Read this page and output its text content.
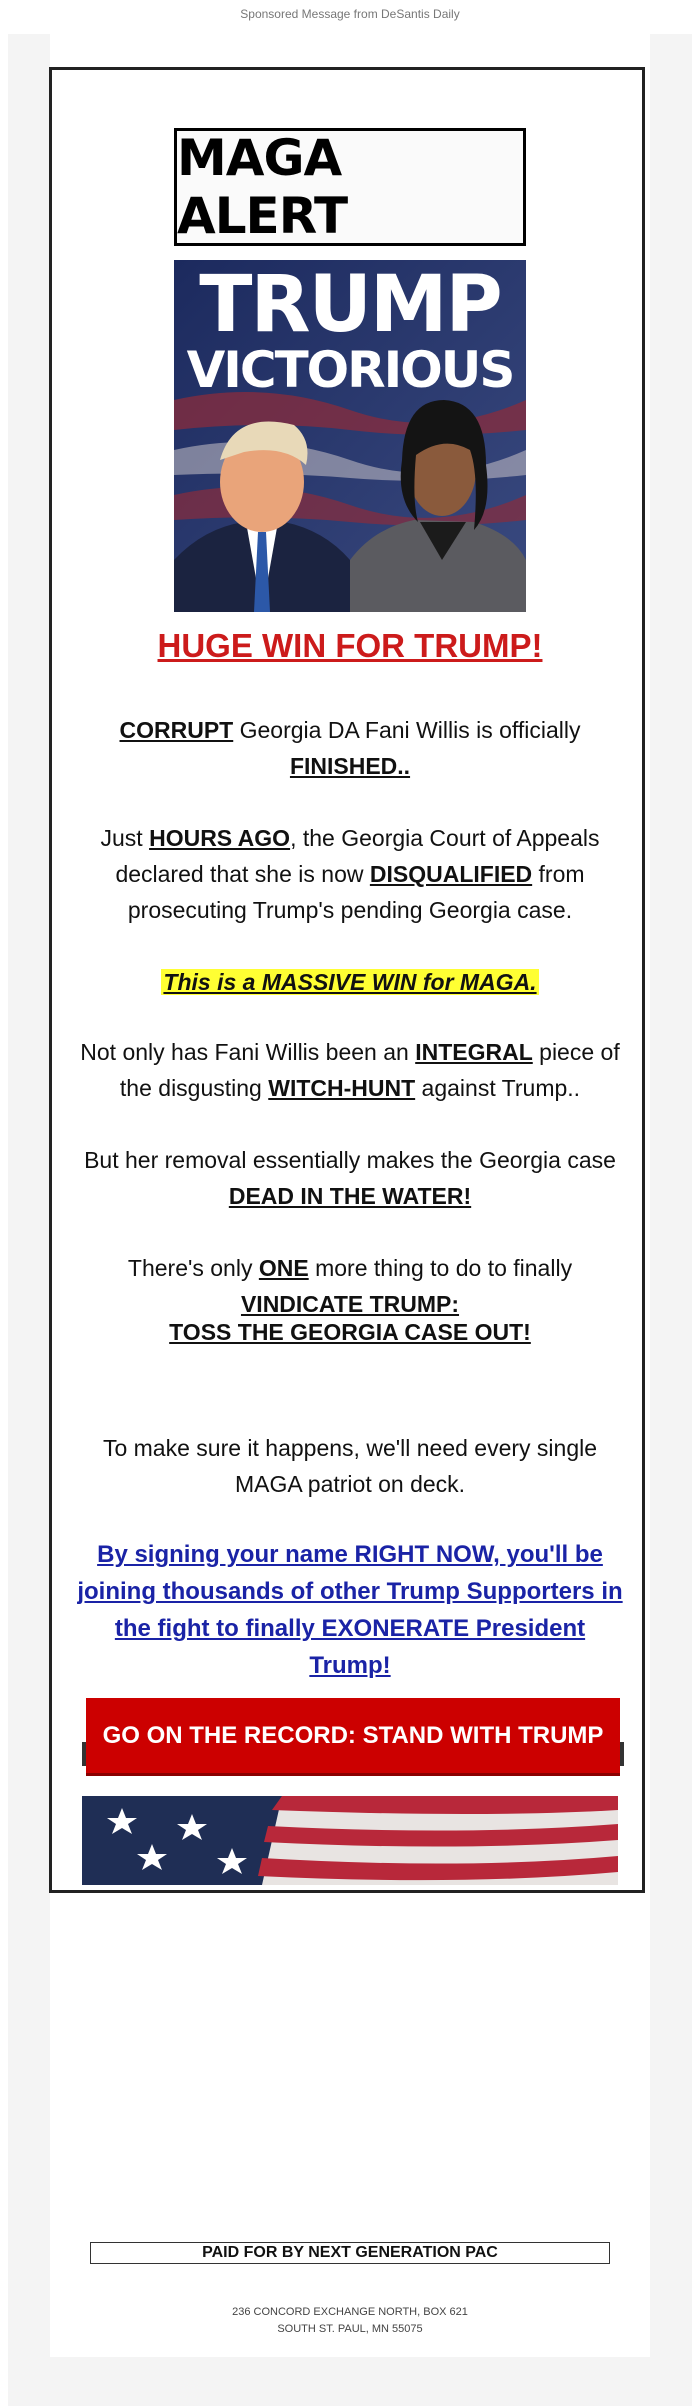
Sponsored Message from DeSantis Daily
MAGA ALERT
TRUMP
VICTORIOUS
HUGE WIN FOR TRUMP!
CORRUPT Georgia DA Fani Willis is officially FINISHED..
Just HOURS AGO, the Georgia Court of Appeals declared that she is now DISQUALIFIED from prosecuting Trump's pending Georgia case.
This is a MASSIVE WIN for MAGA.
Not only has Fani Willis been an INTEGRAL piece of the disgusting WITCH-HUNT against Trump..
But her removal essentially makes the Georgia case DEAD IN THE WATER!
There's only ONE more thing to do to finally VINDICATE TRUMP:
TOSS THE GEORGIA CASE OUT!
To make sure it happens, we'll need every single MAGA patriot on deck.
By signing your name RIGHT NOW, you'll be joining thousands of other Trump Supporters in the fight to finally EXONERATE President Trump!
GO ON THE RECORD: STAND WITH TRUMP
PAID FOR BY NEXT GENERATION PAC
236 CONCORD EXCHANGE NORTH, BOX 621
SOUTH ST. PAUL, MN 55075
